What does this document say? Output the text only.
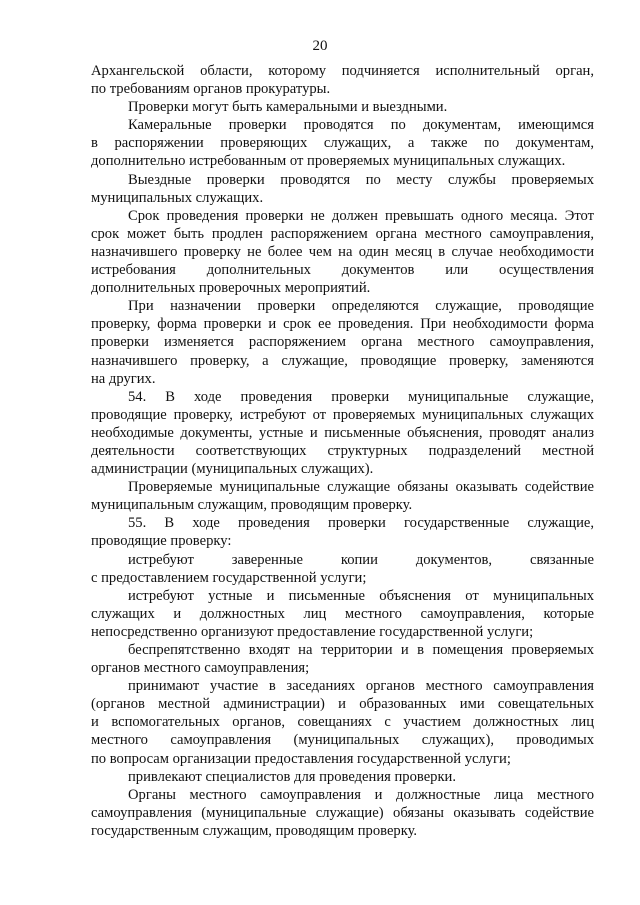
20
Архангельской области, которому подчиняется исполнительный орган,
по требованиям органов прокуратуры.
Проверки могут быть камеральными и выездными.
Камеральные проверки проводятся по документам, имеющимся
в распоряжении проверяющих служащих, а также по документам,
дополнительно истребованным от проверяемых муниципальных служащих.
Выездные проверки проводятся по месту службы проверяемых
муниципальных служащих.
Срок проведения проверки не должен превышать одного месяца. Этот
срок может быть продлен распоряжением органа местного самоуправления,
назначившего проверку не более чем на один месяц в случае необходимости
истребования дополнительных документов или осуществления
дополнительных проверочных мероприятий.
При назначении проверки определяются служащие, проводящие
проверку, форма проверки и срок ее проведения. При необходимости форма
проверки изменяется распоряжением органа местного самоуправления,
назначившего проверку, а служащие, проводящие проверку, заменяются
на других.
54. В ходе проведения проверки муниципальные служащие,
проводящие проверку, истребуют от проверяемых муниципальных служащих
необходимые документы, устные и письменные объяснения, проводят анализ
деятельности соответствующих структурных подразделений местной
администрации (муниципальных служащих).
Проверяемые муниципальные служащие обязаны оказывать содействие
муниципальным служащим, проводящим проверку.
55. В ходе проведения проверки государственные служащие,
проводящие проверку:
истребуют заверенные копии документов, связанные
с предоставлением государственной услуги;
истребуют устные и письменные объяснения от муниципальных
служащих и должностных лиц местного самоуправления, которые
непосредственно организуют предоставление государственной услуги;
беспрепятственно входят на территории и в помещения проверяемых
органов местного самоуправления;
принимают участие в заседаниях органов местного самоуправления
(органов местной администрации) и образованных ими совещательных
и вспомогательных органов, совещаниях с участием должностных лиц
местного самоуправления (муниципальных служащих), проводимых
по вопросам организации предоставления государственной услуги;
привлекают специалистов для проведения проверки.
Органы местного самоуправления и должностные лица местного
самоуправления (муниципальные служащие) обязаны оказывать содействие
государственным служащим, проводящим проверку.
